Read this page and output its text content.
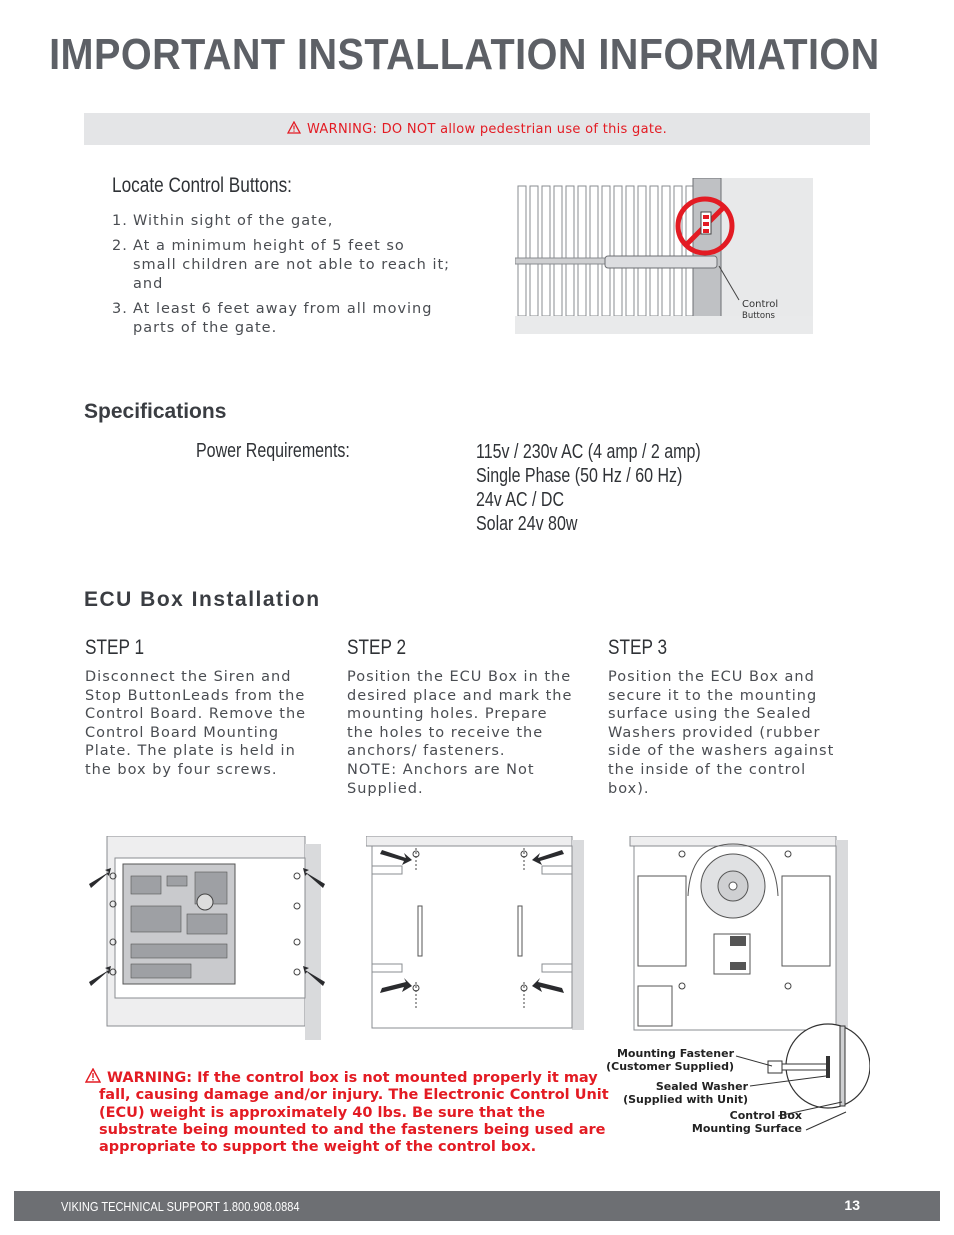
IMPORTANT INSTALLATION INFORMATION
WARNING: DO NOT allow pedestrian use of this gate.
Locate Control Buttons:
1. Within sight of the gate,
2. At a minimum height of 5 feet so small children are not able to reach it; and
3. At least 6 feet away from all moving parts of the gate.
Control
Buttons
Specifications
Power Requirements:	115v / 230v AC (4 amp / 2 amp)
Single Phase (50 Hz / 60 Hz)
24v AC / DC
Solar 24v 80w
ECU Box Installation
STEP 1
Disconnect the Siren and Stop ButtonLeads from the Control Board. Remove the Control Board Mounting Plate. The plate is held in the box by four screws.
STEP 2
Position the ECU Box in the desired place and mark the mounting holes. Prepare the holes to receive the anchors/ fasteners.
NOTE: Anchors are Not Supplied.
STEP 3
Position the ECU Box and secure it to the mounting surface using the Sealed Washers provided (rubber side of the washers against the inside of the control box).
Mounting Fastener
(Customer Supplied)
Sealed Washer
(Supplied with Unit)
Control Box
Mounting Surface
WARNING: If the control box is not mounted properly it may fall, causing damage and/or injury. The Electronic Control Unit (ECU) weight is approximately 40 lbs. Be sure that the substrate being mounted to and the fasteners being used are appropriate to support the weight of the control box.
VIKING TECHNICAL SUPPORT 1.800.908.0884	13
